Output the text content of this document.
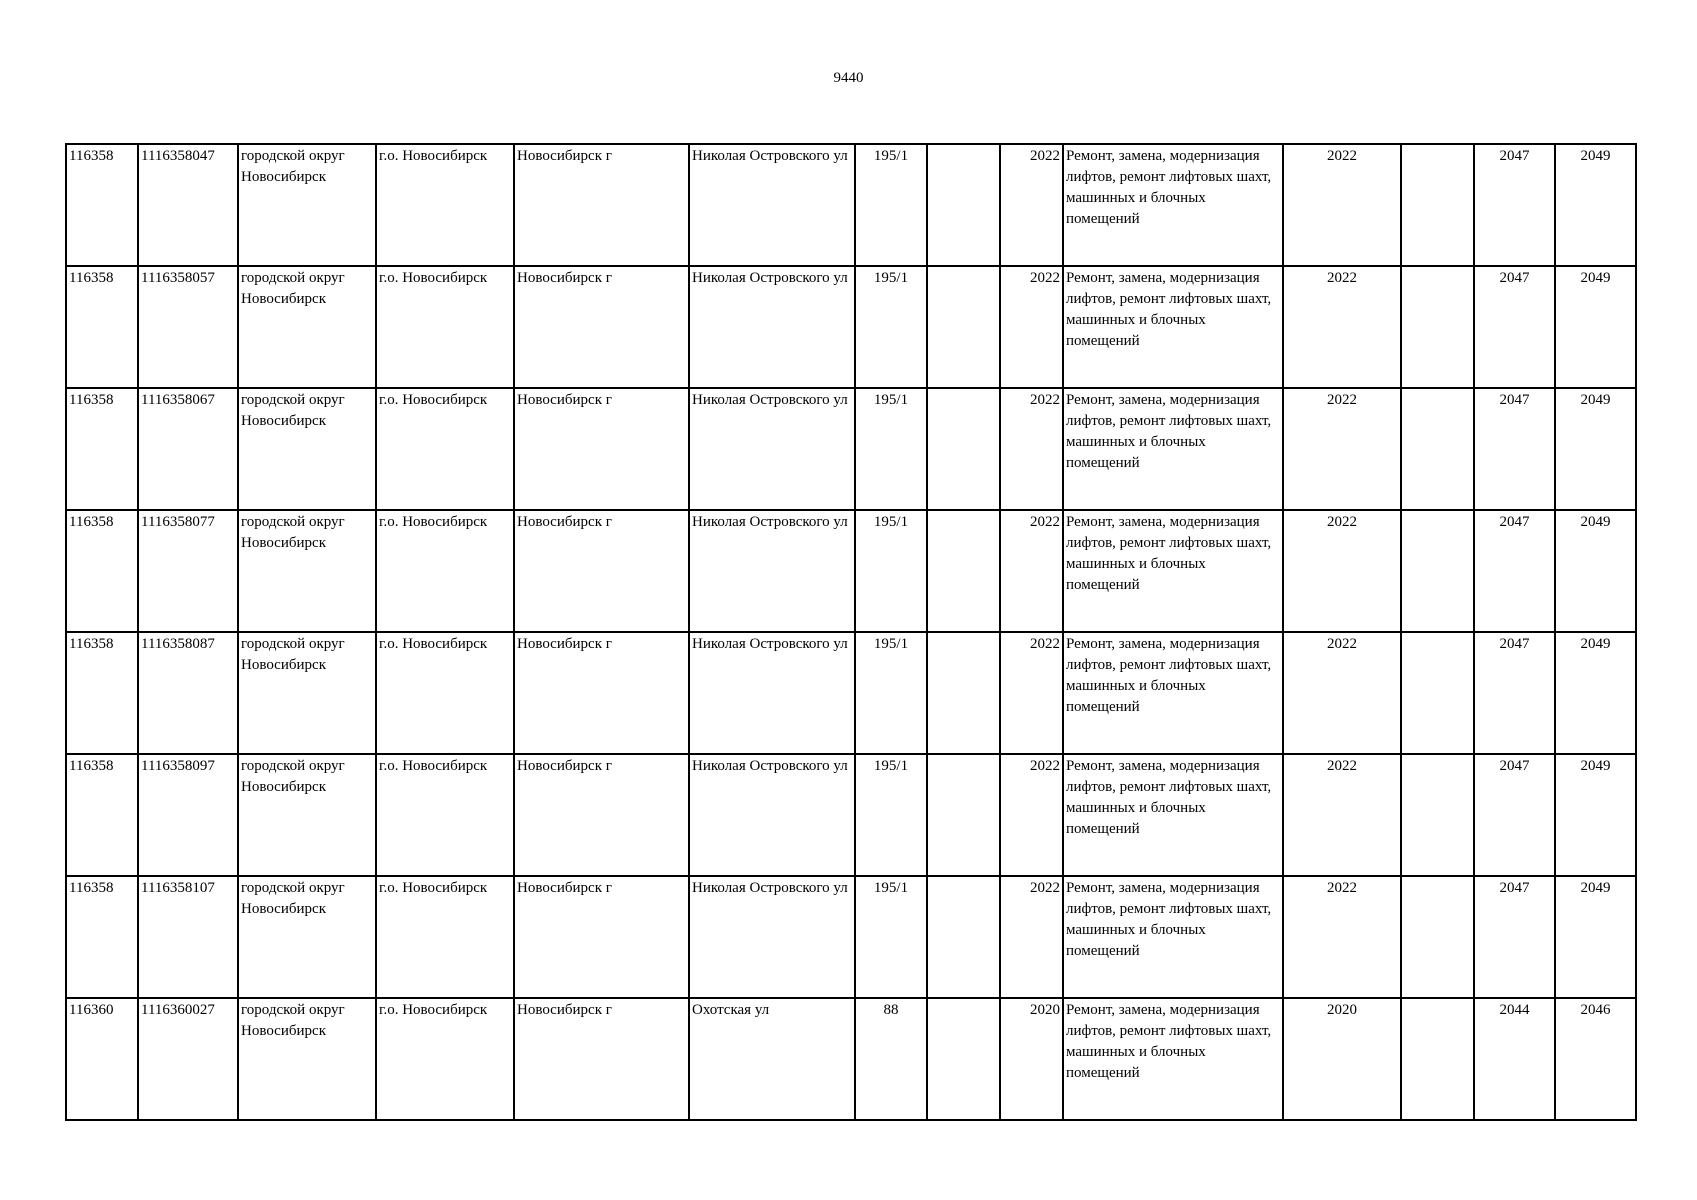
9440
116358	1116358047	городской округ Новосибирск	г.о. Новосибирск	Новосибирск г	Николая Островского ул	195/1		2022	Ремонт, замена, модернизация лифтов, ремонт лифтовых шахт, машинных и блочных помещений	2022		2047	2049
116358	1116358057	городской округ Новосибирск	г.о. Новосибирск	Новосибирск г	Николая Островского ул	195/1		2022	Ремонт, замена, модернизация лифтов, ремонт лифтовых шахт, машинных и блочных помещений	2022		2047	2049
116358	1116358067	городской округ Новосибирск	г.о. Новосибирск	Новосибирск г	Николая Островского ул	195/1		2022	Ремонт, замена, модернизация лифтов, ремонт лифтовых шахт, машинных и блочных помещений	2022		2047	2049
116358	1116358077	городской округ Новосибирск	г.о. Новосибирск	Новосибирск г	Николая Островского ул	195/1		2022	Ремонт, замена, модернизация лифтов, ремонт лифтовых шахт, машинных и блочных помещений	2022		2047	2049
116358	1116358087	городской округ Новосибирск	г.о. Новосибирск	Новосибирск г	Николая Островского ул	195/1		2022	Ремонт, замена, модернизация лифтов, ремонт лифтовых шахт, машинных и блочных помещений	2022		2047	2049
116358	1116358097	городской округ Новосибирск	г.о. Новосибирск	Новосибирск г	Николая Островского ул	195/1		2022	Ремонт, замена, модернизация лифтов, ремонт лифтовых шахт, машинных и блочных помещений	2022		2047	2049
116358	1116358107	городской округ Новосибирск	г.о. Новосибирск	Новосибирск г	Николая Островского ул	195/1		2022	Ремонт, замена, модернизация лифтов, ремонт лифтовых шахт, машинных и блочных помещений	2022		2047	2049
116360	1116360027	городской округ Новосибирск	г.о. Новосибирск	Новосибирск г	Охотская ул	88		2020	Ремонт, замена, модернизация лифтов, ремонт лифтовых шахт, машинных и блочных помещений	2020		2044	2046
